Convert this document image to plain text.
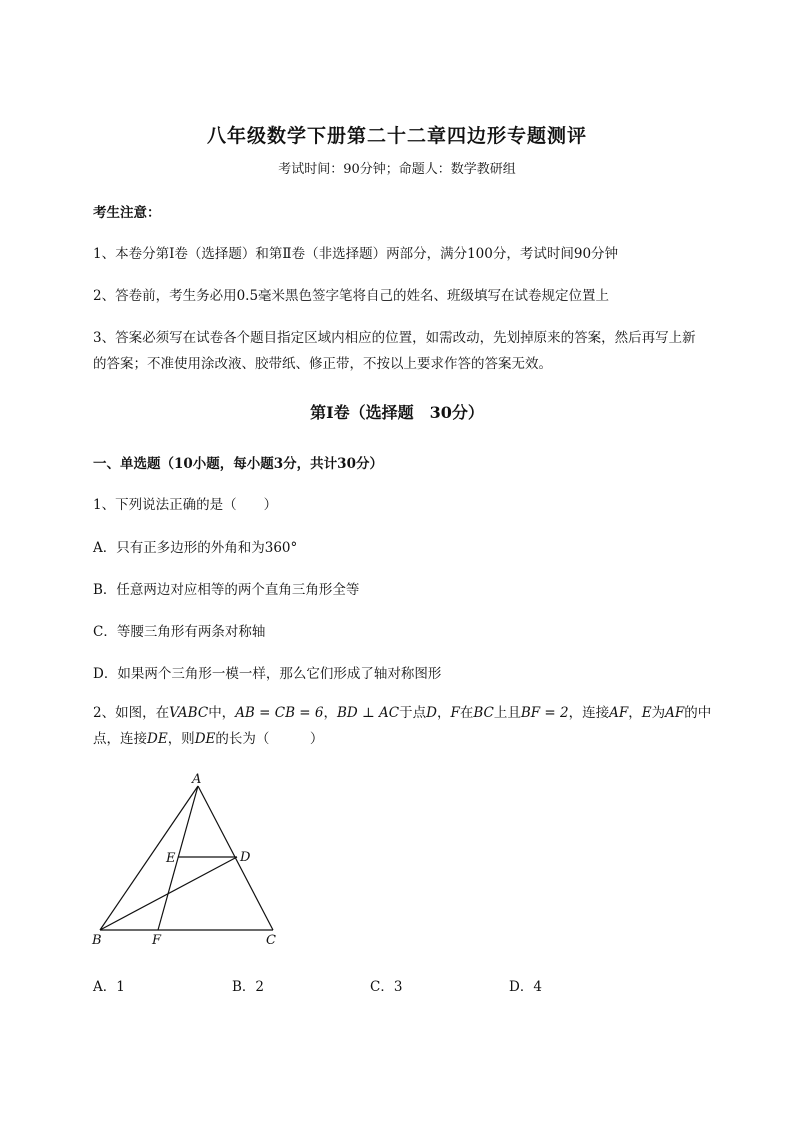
八年级数学下册第二十二章四边形专题测评
考试时间：90分钟；命题人：数学教研组
考生注意：
1、本卷分第I卷（选择题）和第Ⅱ卷（非选择题）两部分，满分100分，考试时间90分钟
2、答卷前，考生务必用0.5毫米黑色签字笔将自己的姓名、班级填写在试卷规定位置上
3、答案必须写在试卷各个题目指定区域内相应的位置，如需改动，先划掉原来的答案，然后再写上新
的答案；不准使用涂改液、胶带纸、修正带，不按以上要求作答的答案无效。
第I卷（选择题　30分）
一、单选题（10小题，每小题3分，共计30分）
1、下列说法正确的是（　　）
A．只有正多边形的外角和为360°
B．任意两边对应相等的两个直角三角形全等
C．等腰三角形有两条对称轴
D．如果两个三角形一模一样，那么它们形成了轴对称图形
2、如图，在VABC中，AB = CB = 6，BD ⊥ AC于点D，F在BC上且BF = 2，连接AF，E为AF的中点，连接DE，则DE的长为（　　　）
A
B	C
D
E
F
A．1	B．2	C．3	D．4
